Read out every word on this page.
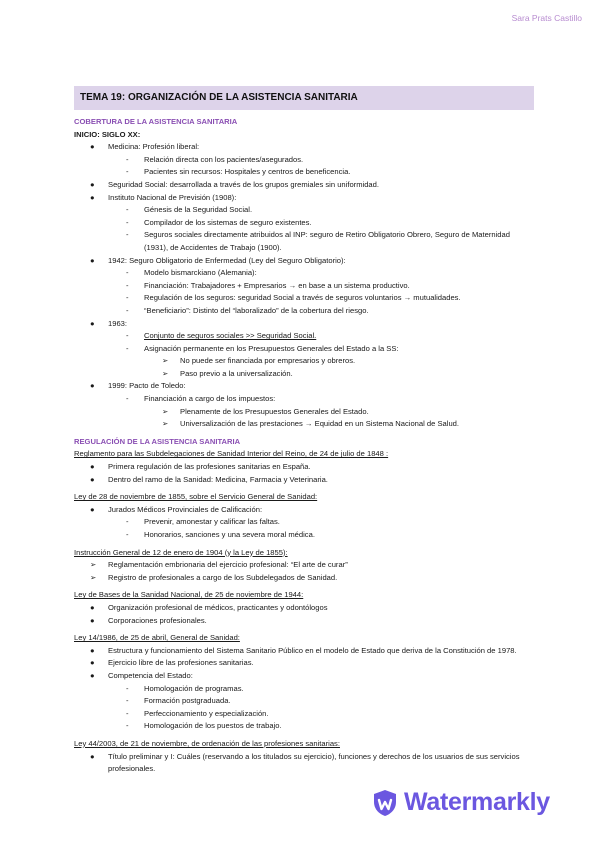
Sara Prats Castillo
TEMA 19: ORGANIZACIÓN DE LA ASISTENCIA SANITARIA
COBERTURA DE LA ASISTENCIA SANITARIA
INICIO: SIGLO XX:
●	Medicina: Profesión liberal:
-	Relación directa con los pacientes/asegurados.
-	Pacientes sin recursos: Hospitales y centros de beneficencia.
●	Seguridad Social: desarrollada a través de los grupos gremiales sin uniformidad.
●	Instituto Nacional de Previsión (1908):
-	Génesis de la Seguridad Social.
-	Compilador de los sistemas de seguro existentes.
-	Seguros sociales directamente atribuidos al INP: seguro de Retiro Obligatorio Obrero, Seguro de Maternidad (1931), de Accidentes de Trabajo (1900).
●	1942: Seguro Obligatorio de Enfermedad (Ley del Seguro Obligatorio):
-	Modelo bismarckiano (Alemania):
-	Financiación: Trabajadores + Empresarios → en base a un sistema productivo.
-	Regulación de los seguros: seguridad Social a través de seguros voluntarios → mutualidades.
-	“Beneficiario”: Distinto del “laboralizado” de la cobertura del riesgo.
●	1963:
-	Conjunto de seguros sociales >> Seguridad Social.
-	Asignación permanente en los Presupuestos Generales del Estado a la SS:
➢	No puede ser financiada por empresarios y obreros.
➢	Paso previo a la universalización.
●	1999: Pacto de Toledo:
-	Financiación a cargo de los impuestos:
➢	Plenamente de los Presupuestos Generales del Estado.
➢	Universalización de las prestaciones → Equidad en un Sistema Nacional de Salud.
REGULACIÓN DE LA ASISTENCIA SANITARIA
Reglamento para las Subdelegaciones de Sanidad Interior del Reino, de 24 de julio de 1848 :
●	Primera regulación de las profesiones sanitarias en España.
●	Dentro del ramo de la Sanidad: Medicina, Farmacia y Veterinaria.
Ley de 28 de noviembre de 1855, sobre el Servicio General de Sanidad:
●	Jurados Médicos Provinciales de Calificación:
-	Prevenir, amonestar y calificar las faltas.
-	Honorarios, sanciones y una severa moral médica.
Instrucción General de 12 de enero de 1904 (y la Ley de 1855):
➢	Reglamentación embrionaria del ejercicio profesional: “El arte de curar”
➢	Registro de profesionales a cargo de los Subdelegados de Sanidad.
Ley de Bases de la Sanidad Nacional, de 25 de noviembre de 1944:
●	Organización profesional de médicos, practicantes y odontólogos
●	Corporaciones profesionales.
Ley 14/1986, de 25 de abril, General de Sanidad:
●	Estructura y funcionamiento del Sistema Sanitario Público en el modelo de Estado que deriva de la Constitución de 1978.
●	Ejercicio libre de las profesiones sanitarias.
●	Competencia del Estado:
-	Homologación de programas.
-	Formación postgraduada.
-	Perfeccionamiento y especialización.
-	Homologación de los puestos de trabajo.
Ley 44/2003, de 21 de noviembre, de ordenación de las profesiones sanitarias:
●	Título preliminar y I: Cuáles (reservando a los titulados su ejercicio), funciones y derechos de los usuarios de sus servicios profesionales.
Watermarkly
